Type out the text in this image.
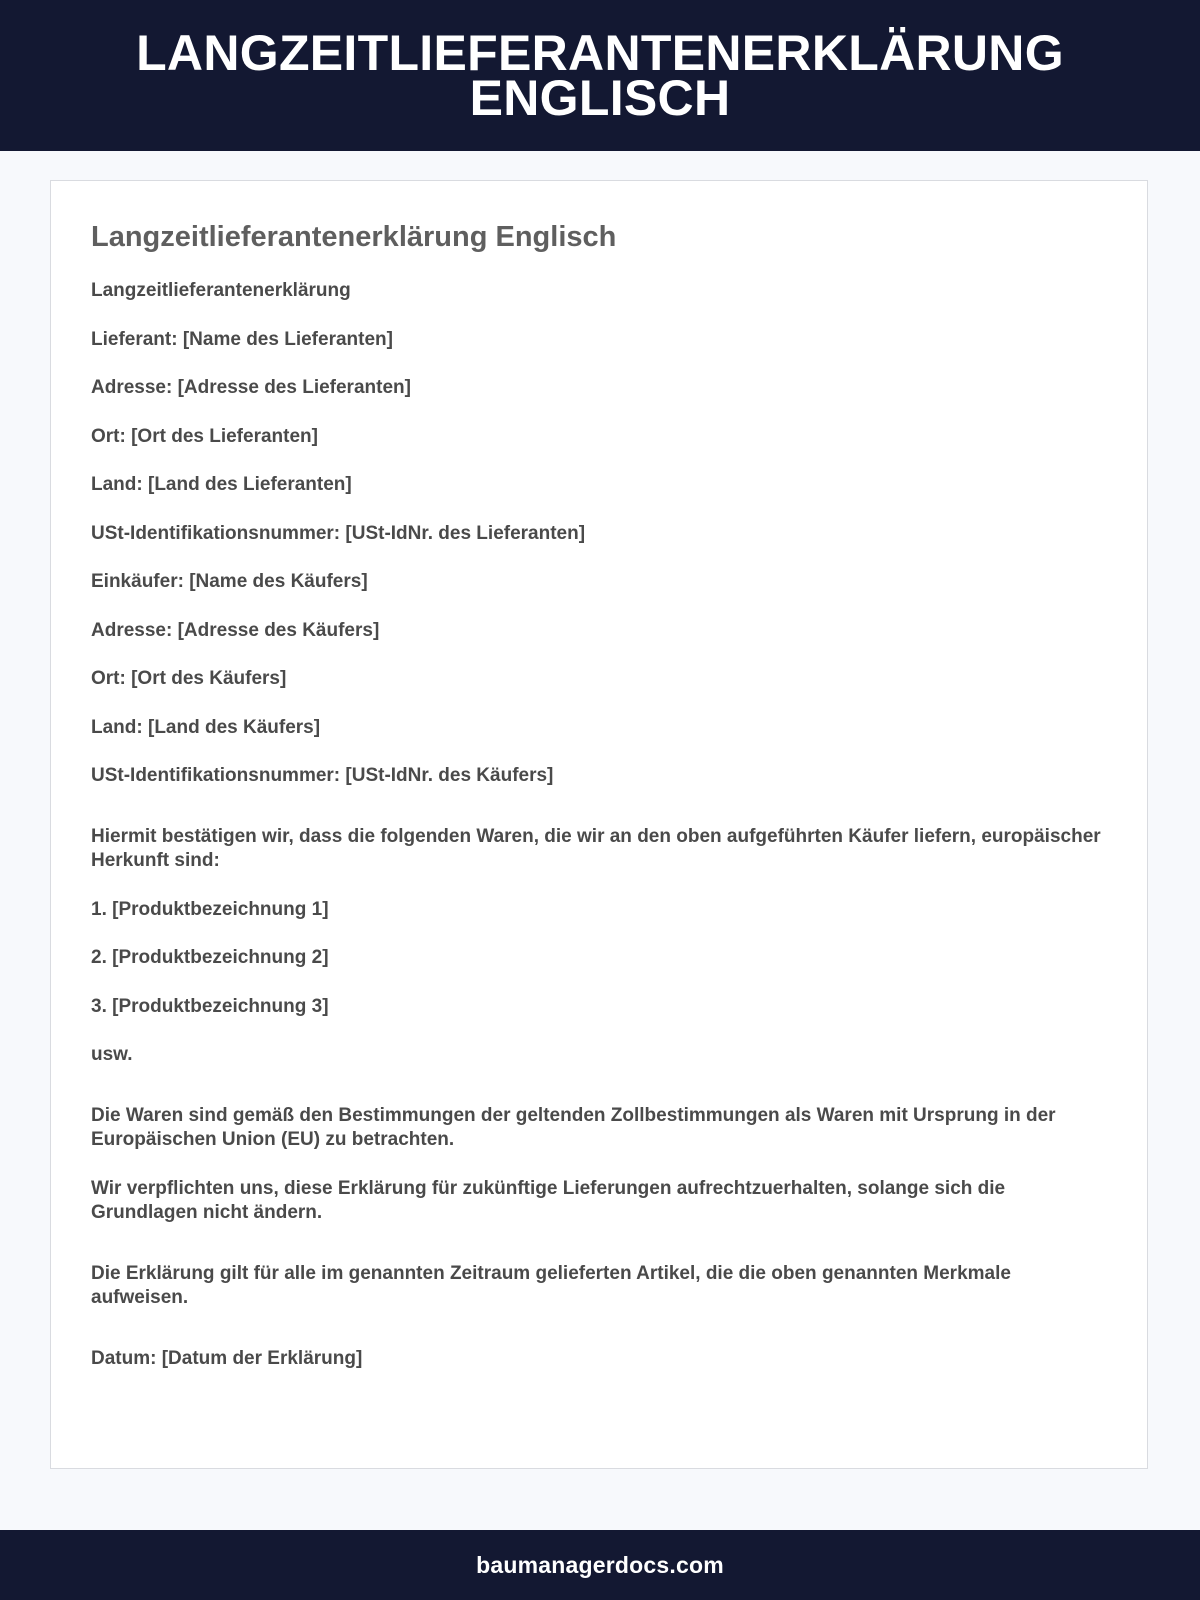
LANGZEITLIEFERANTENERKLÄRUNG ENGLISCH
Langzeitlieferantenerklärung Englisch

Langzeitlieferantenerklärung

Lieferant: [Name des Lieferanten]

Adresse: [Adresse des Lieferanten]

Ort: [Ort des Lieferanten]

Land: [Land des Lieferanten]

USt-Identifikationsnummer: [USt-IdNr. des Lieferanten]

Einkäufer: [Name des Käufers]

Adresse: [Adresse des Käufers]

Ort: [Ort des Käufers]

Land: [Land des Käufers]

USt-Identifikationsnummer: [USt-IdNr. des Käufers]

Hiermit bestätigen wir, dass die folgenden Waren, die wir an den oben aufgeführten Käufer liefern, europäischer Herkunft sind:

1. [Produktbezeichnung 1]

2. [Produktbezeichnung 2]

3. [Produktbezeichnung 3]

usw.

Die Waren sind gemäß den Bestimmungen der geltenden Zollbestimmungen als Waren mit Ursprung in der Europäischen Union (EU) zu betrachten.

Wir verpflichten uns, diese Erklärung für zukünftige Lieferungen aufrechtzuerhalten, solange sich die Grundlagen nicht ändern.

Die Erklärung gilt für alle im genannten Zeitraum gelieferten Artikel, die die oben genannten Merkmale aufweisen.

Datum: [Datum der Erklärung]

baumanagerdocs.com
